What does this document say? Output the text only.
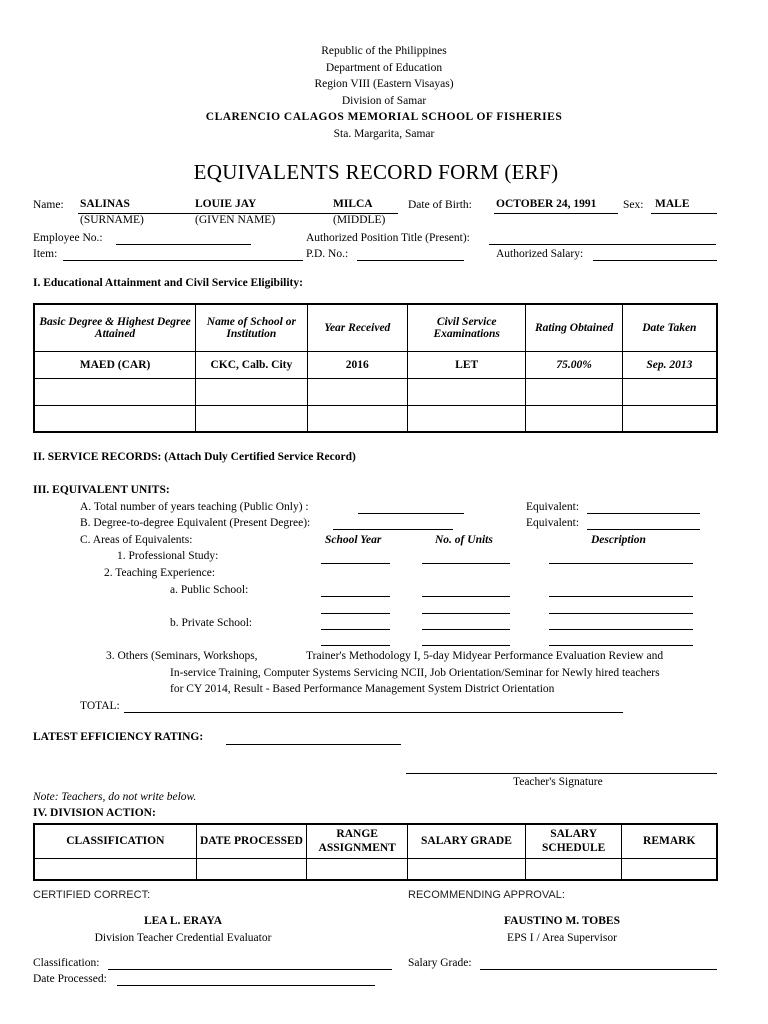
Republic of the Philippines
Department of Education
Region VIII (Eastern Visayas)
Division of Samar
CLARENCIO CALAGOS MEMORIAL SCHOOL OF FISHERIES
Sta. Margarita, Samar
EQUIVALENTS RECORD FORM (ERF)
Name: SALINAS	LOUIE JAY	MILCA
(SURNAME)	(GIVEN NAME)	(MIDDLE)
Date of Birth: OCTOBER 24, 1991 Sex: MALE
Employee No.:	Authorized Position Title (Present):
Item:	P.D. No.:	Authorized Salary:
I. Educational Attainment and Civil Service Eligibility:
Basic Degree & Highest Degree Attained	Name of School or Institution	Year Received	Civil Service Examinations	Rating Obtained	Date Taken
MAED (CAR)	CKC, Calb. City	2016	LET	75.00%	Sep. 2013

II. SERVICE RECORDS: (Attach Duly Certified Service Record)
III. EQUIVALENT UNITS:
A. Total number of years teaching (Public Only) :	Equivalent:
B. Degree-to-degree Equivalent (Present Degree):	Equivalent:
C. Areas of Equivalents:	School Year	No. of Units	Description
1. Professional Study:
2. Teaching Experience:
a. Public School:
b. Private School:
3. Others (Seminars, Workshops,	Trainer's Methodology I, 5-day Midyear Performance Evaluation Review and
In-service Training, Computer Systems Servicing NCII, Job Orientation/Seminar for Newly hired teachers
for CY 2014, Result - Based Performance Management System District Orientation
TOTAL:
LATEST EFFICIENCY RATING:
Teacher's Signature
Note: Teachers, do not write below.
IV. DIVISION ACTION:
CLASSIFICATION	DATE PROCESSED	RANGE ASSIGNMENT	SALARY GRADE	SALARY SCHEDULE	REMARK

CERTIFIED CORRECT:	RECOMMENDING APPROVAL:
LEA L. ERAYA
Division Teacher Credential Evaluator
FAUSTINO M. TOBES
EPS I / Area Supervisor
Classification:	Salary Grade:
Date Processed:
